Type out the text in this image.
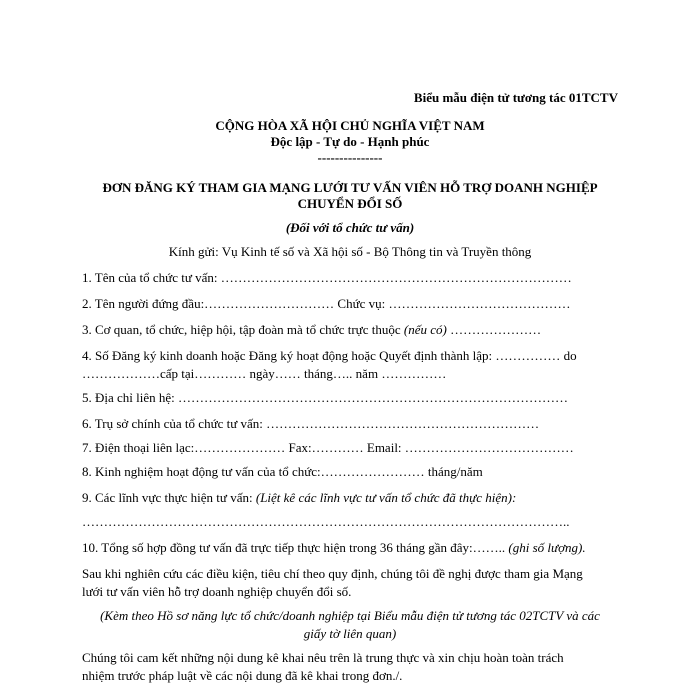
Biểu mẫu điện tử tương tác 01TCTV
CỘNG HÒA XÃ HỘI CHỦ NGHĨA VIỆT NAM
Độc lập - Tự do - Hạnh phúc
---------------
ĐƠN ĐĂNG KÝ THAM GIA MẠNG LƯỚI TƯ VẤN VIÊN HỖ TRỢ DOANH NGHIỆP
CHUYỂN ĐỔI SỐ
(Đối với tổ chức tư vấn)
Kính gửi: Vụ Kinh tế số và Xã hội số - Bộ Thông tin và Truyền thông
1. Tên của tổ chức tư vấn: ………………………………………………………………………
2. Tên người đứng đầu:………………………… Chức vụ: ……………………………………
3. Cơ quan, tổ chức, hiệp hội, tập đoàn mà tổ chức trực thuộc (nếu có) …………………
4. Số Đăng ký kinh doanh hoặc Đăng ký hoạt động hoặc Quyết định thành lập: …………… do
………………cấp tại………… ngày…… tháng….. năm ……………
5. Địa chỉ liên hệ: ………………………………………………………………………………
6. Trụ sở chính của tổ chức tư vấn: ………………………………………………………
7. Điện thoại liên lạc:………………… Fax:………… Email: …………………………………
8. Kinh nghiệm hoạt động tư vấn của tổ chức:…………………… tháng/năm
9. Các lĩnh vực thực hiện tư vấn: (Liệt kê các lĩnh vực tư vấn tổ chức đã thực hiện):
…………………………………………………………………………………………………..
10. Tổng số hợp đồng tư vấn đã trực tiếp thực hiện trong 36 tháng gần đây:…….. (ghi số lượng).
Sau khi nghiên cứu các điều kiện, tiêu chí theo quy định, chúng tôi đề nghị được tham gia Mạng
lưới tư vấn viên hỗ trợ doanh nghiệp chuyển đổi số.
(Kèm theo Hồ sơ năng lực tổ chức/doanh nghiệp tại Biểu mẫu điện tử tương tác 02TCTV và các
giấy tờ liên quan)
Chúng tôi cam kết những nội dung kê khai nêu trên là trung thực và xin chịu hoàn toàn trách
nhiệm trước pháp luật về các nội dung đã kê khai trong đơn./.
